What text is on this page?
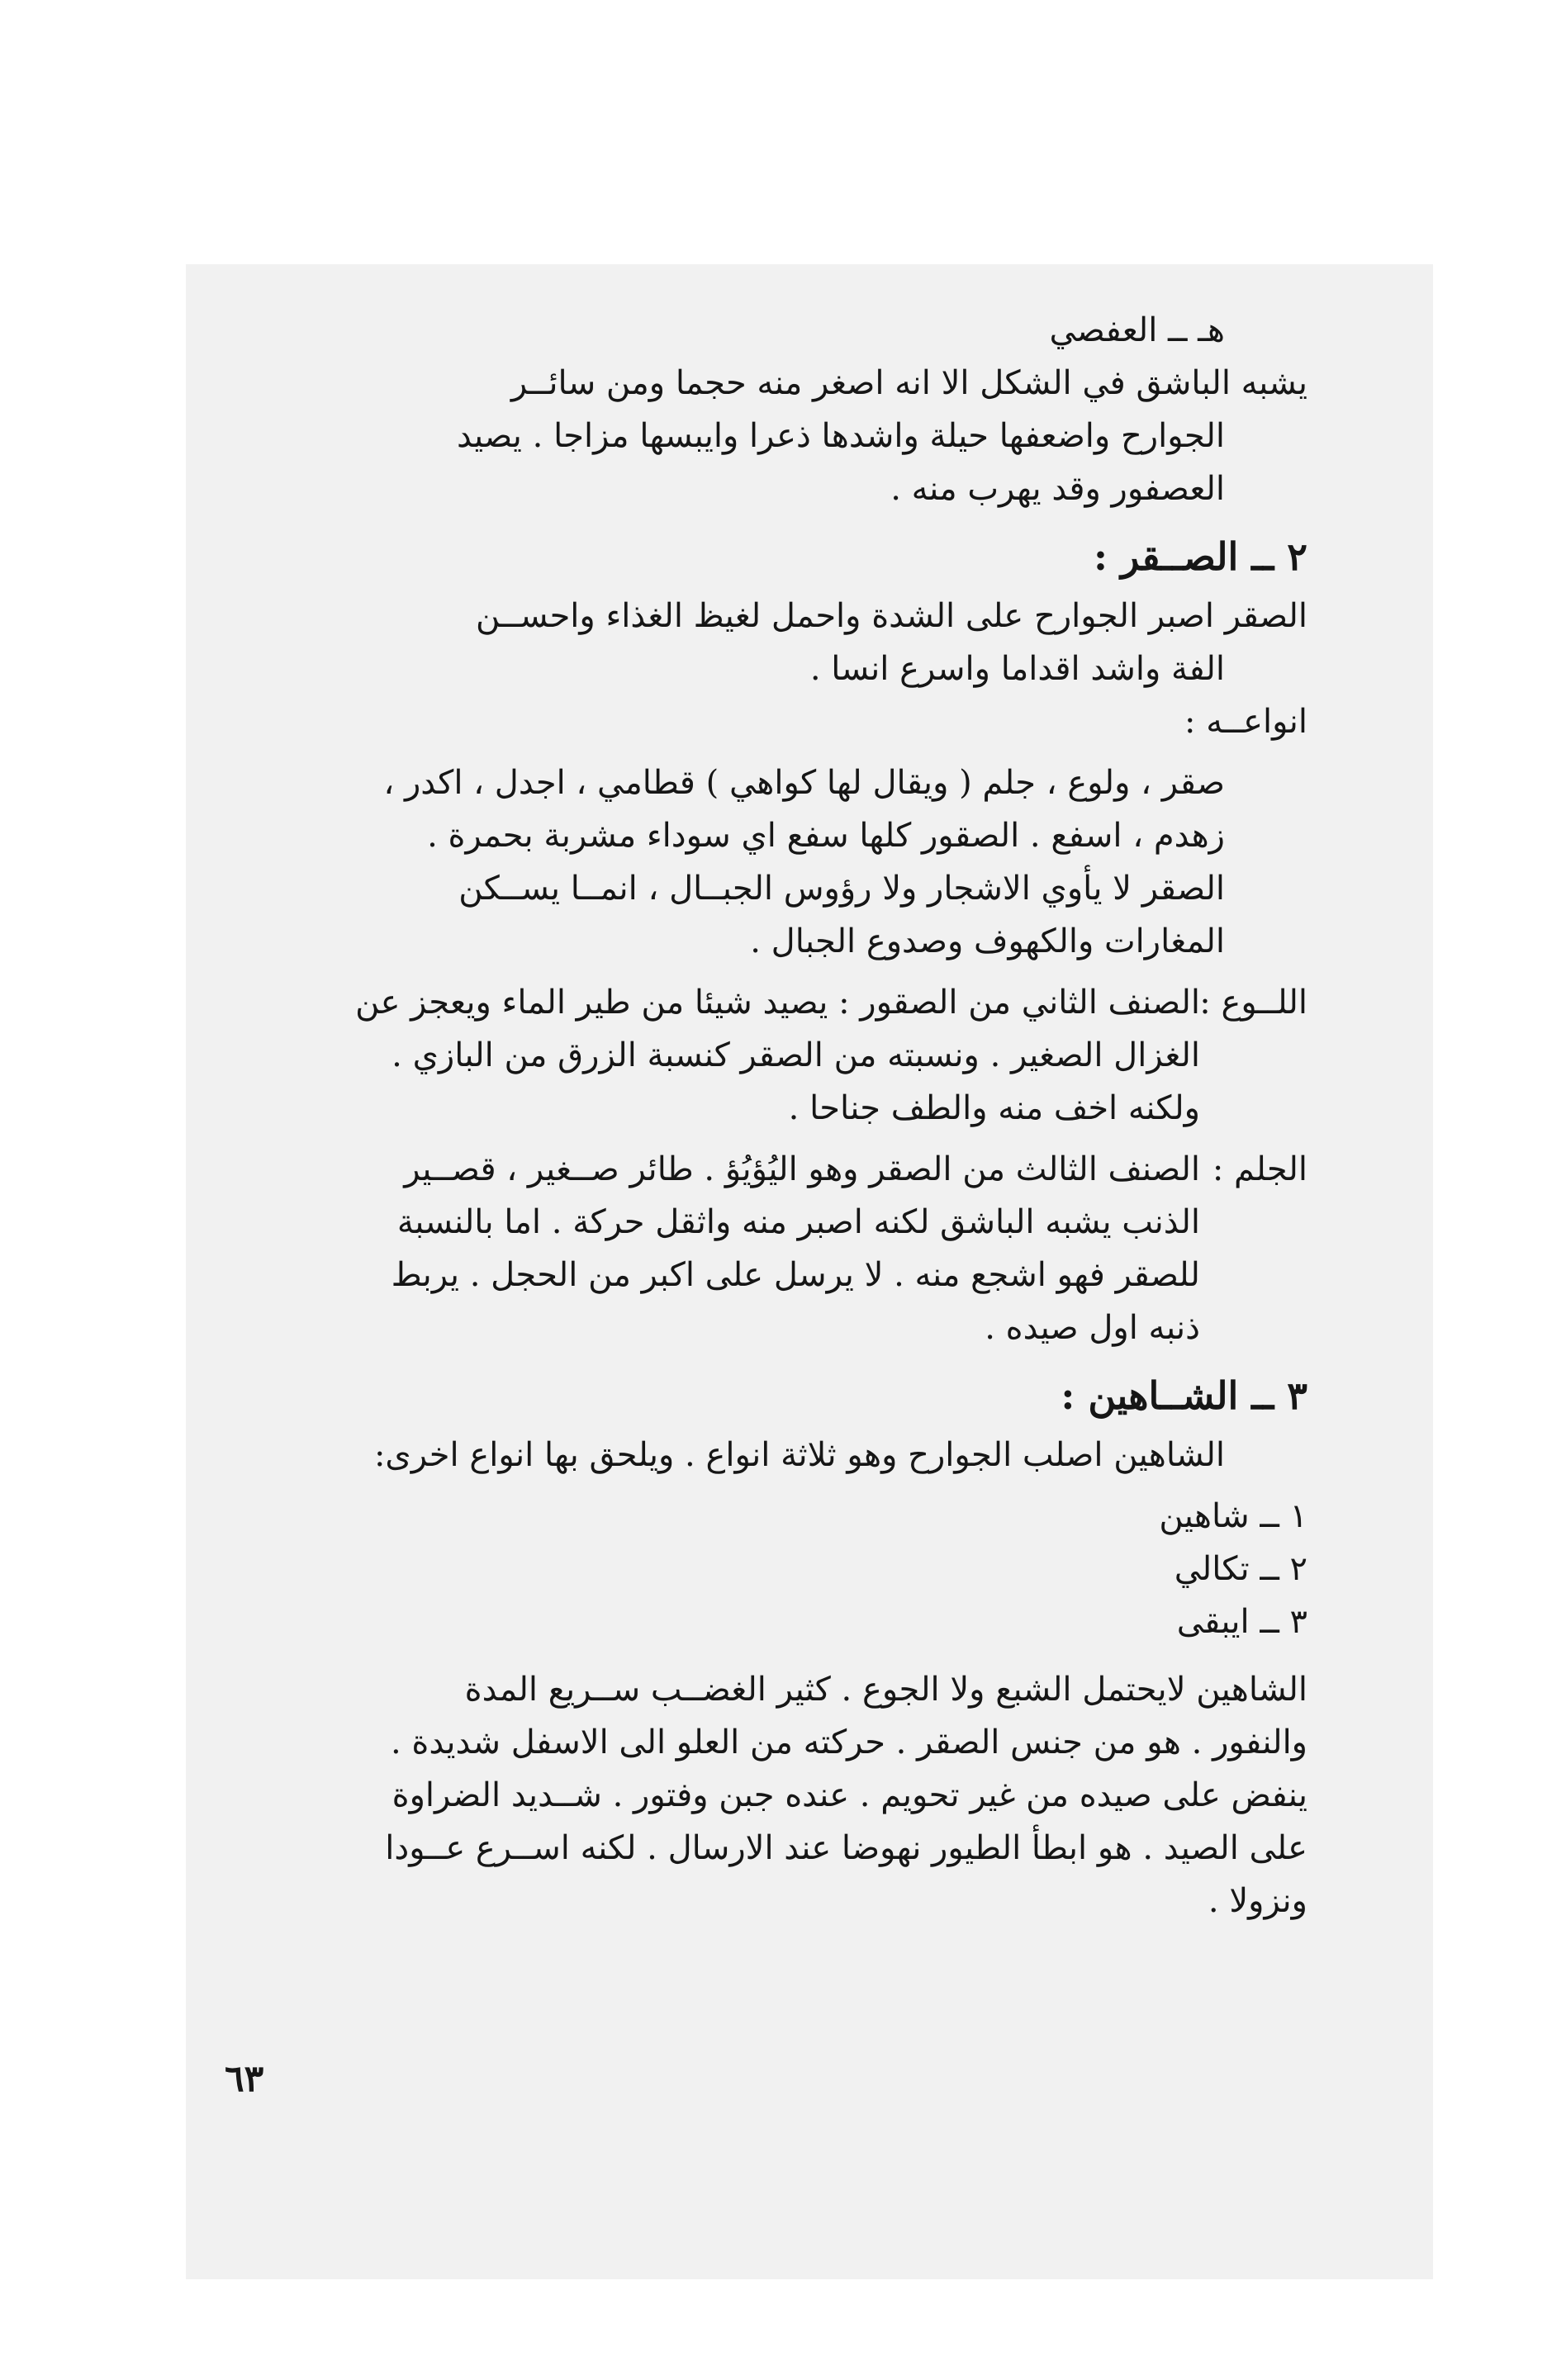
هـ ــ العفصي
يشبه الباشق في الشكل الا انه اصغر منه حجما ومن سائــر
الجوارح واضعفها حيلة واشدها ذعرا وايبسها مزاجا . يصيد
العصفور وقد يهرب منه .
٢ ــ الصــقر :
الصقر اصبر الجوارح على الشدة واحمل لغيظ الغذاء واحســن
الفة واشد اقداما واسرع انسا .
انواعــه :
صقر ، ولوع ، جلم ( ويقال لها كواهي ) قطامي ، اجدل ، اكدر ،
زهدم ، اسفع . الصقور كلها سفع اي سوداء مشربة بحمرة .
الصقر لا يأوي الاشجار ولا رؤوس الجبــال ، انمــا يســكن
المغارات والكهوف وصدوع الجبال .
اللــوع :
الصنف الثاني من الصقور : يصيد شيئا من طير الماء ويعجز عن
الغزال الصغير . ونسبته من الصقر كنسبة الزرق من البازي .
ولكنه اخف منه والطف جناحا .
الجلم :
الصنف الثالث من الصقر وهو اليُؤيُؤ . طائر صــغير ، قصــير
الذنب يشبه الباشق لكنه اصبر منه واثقل حركة . اما بالنسبة
للصقر فهو اشجع منه . لا يرسل على اكبر من الحجل . يربط
ذنبه اول صيده .
٣ ــ الشــاهين :
الشاهين اصلب الجوارح وهو ثلاثة انواع . ويلحق بها انواع اخرى:
١ ــ شاهين
٢ ــ تكالي
٣ ــ ايبقى
الشاهين لايحتمل الشبع ولا الجوع . كثير الغضــب ســريع المدة
والنفور . هو من جنس الصقر . حركته من العلو الى الاسفل شديدة .
ينفض على صيده من غير تحويم . عنده جبن وفتور . شــديد الضراوة
على الصيد . هو ابطأ الطيور نهوضا عند الارسال . لكنه اســرع عــودا
ونزولا .
٦٣
